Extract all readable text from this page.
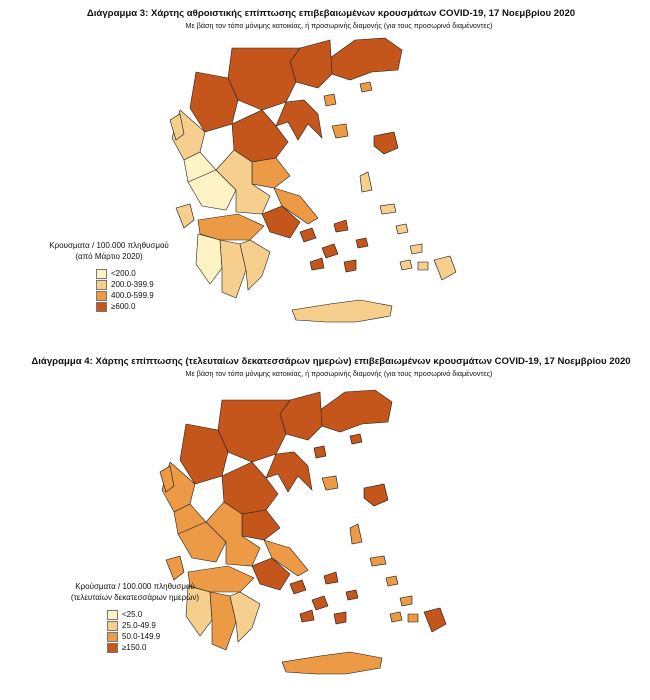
Διάγραμμα 3: Χάρτης αθροιστικής επίπτωσης επιβεβαιωμένων κρουσμάτων COVID-19, 17 Νοεμβρίου 2020
Με βάση τον τόπο μόνιμης κατοικίας, ή προσωρινής διαμονής (για τους προσωρινά διαμένοντες)
Κρουσματα / 100.000 πληθυσμού
(από Μάρτιο 2020)
<200.0
200.0-399.9
400.0-599.9
≥600.0
Διάγραμμα 4: Χάρτης επίπτωσης (τελευταίων δεκατεσσάρων ημερών) επιβεβαιωμένων κρουσμάτων COVID-19, 17 Νοεμβρίου 2020
Με βάση τον τόπο μόνιμης κατοικίας, ή προσωρινής διαμονής (για τους προσωρινά διαμένοντες)
Κρούσματα / 100.000 πληθυσμού
(τελευταίων δεκατεσσάρων ημερών)
<25.0
25.0-49.9
50.0-149.9
≥150.0
